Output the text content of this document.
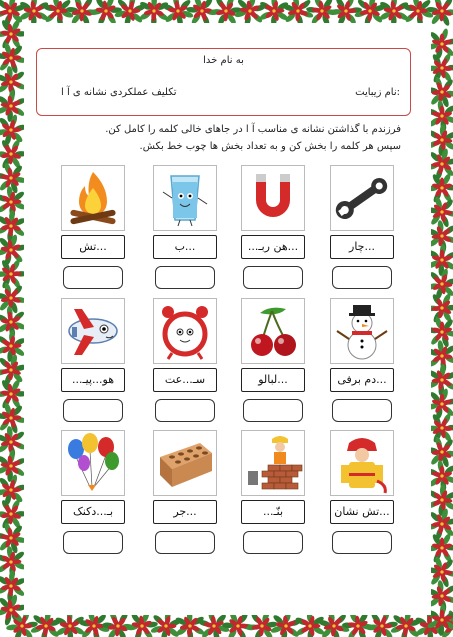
به نام خدا
نام زیبایت:
تکلیف عملکردی نشانه ی آ ا
فرزندم با گذاشتن نشانه ی مناسب آ ا در جاهای خالی کلمه را کامل کن.
سپس هر کلمه را بخش کن و به تعداد بخش ها چوب خط بکش.
...چار
...هن ربـ...
...ب
...تش
...دم برفی
...لبالو
سـ...عت
هو...پیـ...
...تش نشان
بنّـ...
...جر
بـ...دکنک
